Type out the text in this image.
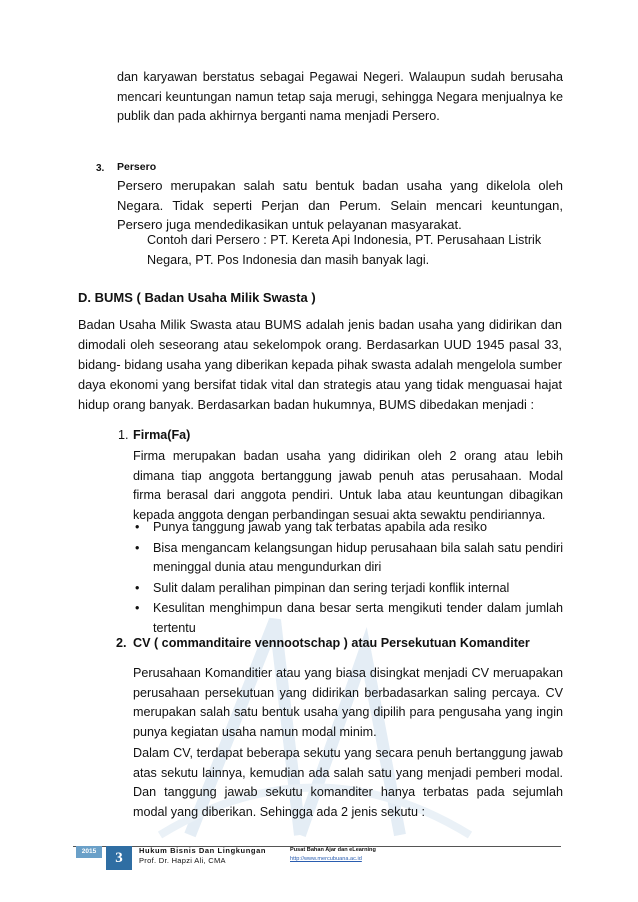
dan karyawan berstatus sebagai Pegawai Negeri. Walaupun sudah berusaha mencari keuntungan namun tetap saja merugi, sehingga Negara menjualnya ke publik dan pada akhirnya berganti nama menjadi Persero.
3. Persero
Persero merupakan salah satu bentuk badan usaha yang dikelola oleh Negara. Tidak seperti Perjan dan Perum. Selain mencari keuntungan, Persero juga mendedikasikan untuk pelayanan masyarakat.
Contoh dari Persero : PT. Kereta Api Indonesia, PT. Perusahaan Listrik Negara, PT. Pos Indonesia dan masih banyak lagi.
D. BUMS ( Badan Usaha Milik Swasta )
Badan Usaha Milik Swasta atau BUMS adalah jenis badan usaha yang didirikan dan dimodali oleh seseorang atau sekelompok orang. Berdasarkan UUD 1945 pasal 33, bidang- bidang usaha yang diberikan kepada pihak swasta adalah mengelola sumber daya ekonomi yang bersifat tidak vital dan strategis atau yang tidak menguasai hajat hidup orang banyak. Berdasarkan badan hukumnya, BUMS dibedakan menjadi :
1. Firma(Fa)
Firma merupakan badan usaha yang didirikan oleh 2 orang atau lebih dimana tiap anggota bertanggung jawab penuh atas perusahaan. Modal firma berasal dari anggota pendiri. Untuk laba atau keuntungan dibagikan kepada anggota dengan perbandingan sesuai akta sewaktu pendiriannya.
• Punya tanggung jawab yang tak terbatas apabila ada resiko
• Bisa mengancam kelangsungan hidup perusahaan bila salah satu pendiri meninggal dunia atau mengundurkan diri
• Sulit dalam peralihan pimpinan dan sering terjadi konflik internal
• Kesulitan menghimpun dana besar serta mengikuti tender dalam jumlah tertentu
2. CV ( commanditaire vennootschap ) atau Persekutuan Komanditer
Perusahaan Komanditier atau yang biasa disingkat menjadi CV meruapakan perusahaan persekutuan yang didirikan berbadasarkan saling percaya. CV merupakan salah satu bentuk usaha yang dipilih para pengusaha yang ingin punya kegiatan usaha namun modal minim.
Dalam CV, terdapat beberapa sekutu yang secara penuh bertanggung jawab atas sekutu lainnya, kemudian ada salah satu yang menjadi pemberi modal. Dan tanggung jawab sekutu komanditer hanya terbatas pada sejumlah modal yang diberikan. Sehingga ada 2 jenis sekutu :
2015	3	Hukum Bisnis Dan Lingkungan
Prof. Dr. Hapzi Ali, CMA
Pusat Bahan Ajar dan eLearning
http://www.mercubuana.ac.id
